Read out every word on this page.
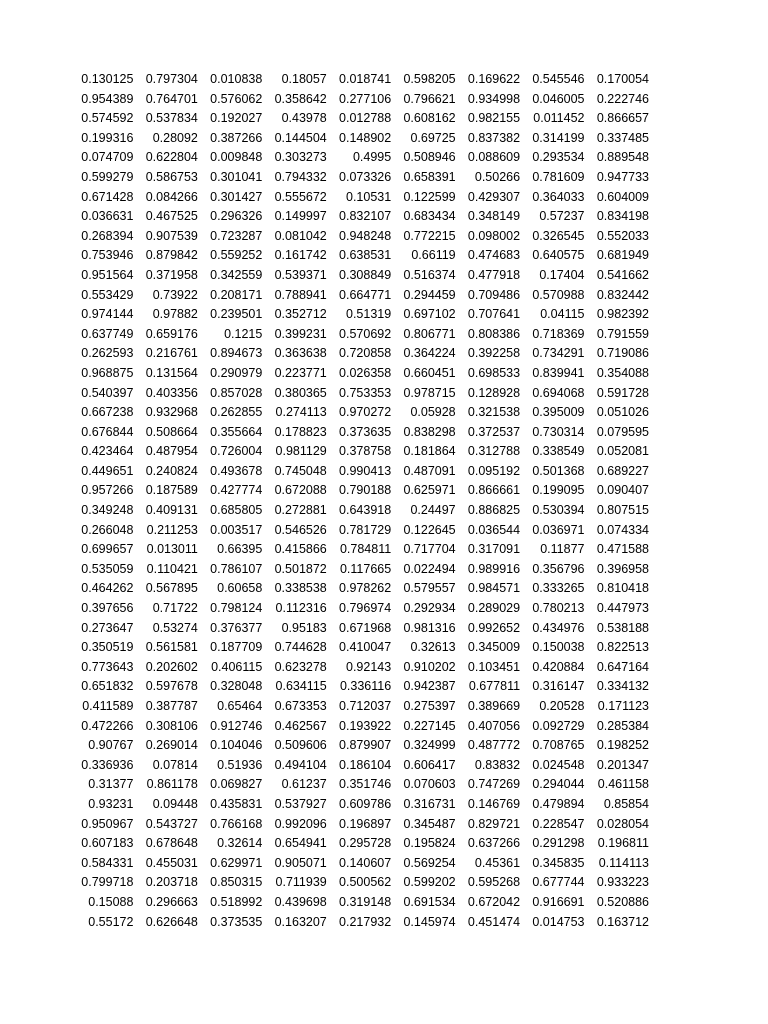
0.130125	0.797304	0.010838	0.18057	0.018741	0.598205	0.169622	0.545546	0.170054
0.954389	0.764701	0.576062	0.358642	0.277106	0.796621	0.934998	0.046005	0.222746
0.574592	0.537834	0.192027	0.43978	0.012788	0.608162	0.982155	0.011452	0.866657
0.199316	0.28092	0.387266	0.144504	0.148902	0.69725	0.837382	0.314199	0.337485
0.074709	0.622804	0.009848	0.303273	0.4995	0.508946	0.088609	0.293534	0.889548
0.599279	0.586753	0.301041	0.794332	0.073326	0.658391	0.50266	0.781609	0.947733
0.671428	0.084266	0.301427	0.555672	0.10531	0.122599	0.429307	0.364033	0.604009
0.036631	0.467525	0.296326	0.149997	0.832107	0.683434	0.348149	0.57237	0.834198
0.268394	0.907539	0.723287	0.081042	0.948248	0.772215	0.098002	0.326545	0.552033
0.753946	0.879842	0.559252	0.161742	0.638531	0.66119	0.474683	0.640575	0.681949
0.951564	0.371958	0.342559	0.539371	0.308849	0.516374	0.477918	0.17404	0.541662
0.553429	0.73922	0.208171	0.788941	0.664771	0.294459	0.709486	0.570988	0.832442
0.974144	0.97882	0.239501	0.352712	0.51319	0.697102	0.707641	0.04115	0.982392
0.637749	0.659176	0.1215	0.399231	0.570692	0.806771	0.808386	0.718369	0.791559
0.262593	0.216761	0.894673	0.363638	0.720858	0.364224	0.392258	0.734291	0.719086
0.968875	0.131564	0.290979	0.223771	0.026358	0.660451	0.698533	0.839941	0.354088
0.540397	0.403356	0.857028	0.380365	0.753353	0.978715	0.128928	0.694068	0.591728
0.667238	0.932968	0.262855	0.274113	0.970272	0.05928	0.321538	0.395009	0.051026
0.676844	0.508664	0.355664	0.178823	0.373635	0.838298	0.372537	0.730314	0.079595
0.423464	0.487954	0.726004	0.981129	0.378758	0.181864	0.312788	0.338549	0.052081
0.449651	0.240824	0.493678	0.745048	0.990413	0.487091	0.095192	0.501368	0.689227
0.957266	0.187589	0.427774	0.672088	0.790188	0.625971	0.866661	0.199095	0.090407
0.349248	0.409131	0.685805	0.272881	0.643918	0.24497	0.886825	0.530394	0.807515
0.266048	0.211253	0.003517	0.546526	0.781729	0.122645	0.036544	0.036971	0.074334
0.699657	0.013011	0.66395	0.415866	0.784811	0.717704	0.317091	0.11877	0.471588
0.535059	0.110421	0.786107	0.501872	0.117665	0.022494	0.989916	0.356796	0.396958
0.464262	0.567895	0.60658	0.338538	0.978262	0.579557	0.984571	0.333265	0.810418
0.397656	0.71722	0.798124	0.112316	0.796974	0.292934	0.289029	0.780213	0.447973
0.273647	0.53274	0.376377	0.95183	0.671968	0.981316	0.992652	0.434976	0.538188
0.350519	0.561581	0.187709	0.744628	0.410047	0.32613	0.345009	0.150038	0.822513
0.773643	0.202602	0.406115	0.623278	0.92143	0.910202	0.103451	0.420884	0.647164
0.651832	0.597678	0.328048	0.634115	0.336116	0.942387	0.677811	0.316147	0.334132
0.411589	0.387787	0.65464	0.673353	0.712037	0.275397	0.389669	0.20528	0.171123
0.472266	0.308106	0.912746	0.462567	0.193922	0.227145	0.407056	0.092729	0.285384
0.90767	0.269014	0.104046	0.509606	0.879907	0.324999	0.487772	0.708765	0.198252
0.336936	0.07814	0.51936	0.494104	0.186104	0.606417	0.83832	0.024548	0.201347
0.31377	0.861178	0.069827	0.61237	0.351746	0.070603	0.747269	0.294044	0.461158
0.93231	0.09448	0.435831	0.537927	0.609786	0.316731	0.146769	0.479894	0.85854
0.950967	0.543727	0.766168	0.992096	0.196897	0.345487	0.829721	0.228547	0.028054
0.607183	0.678648	0.32614	0.654941	0.295728	0.195824	0.637266	0.291298	0.196811
0.584331	0.455031	0.629971	0.905071	0.140607	0.569254	0.45361	0.345835	0.114113
0.799718	0.203718	0.850315	0.711939	0.500562	0.599202	0.595268	0.677744	0.933223
0.15088	0.296663	0.518992	0.439698	0.319148	0.691534	0.672042	0.916691	0.520886
0.55172	0.626648	0.373535	0.163207	0.217932	0.145974	0.451474	0.014753	0.163712
